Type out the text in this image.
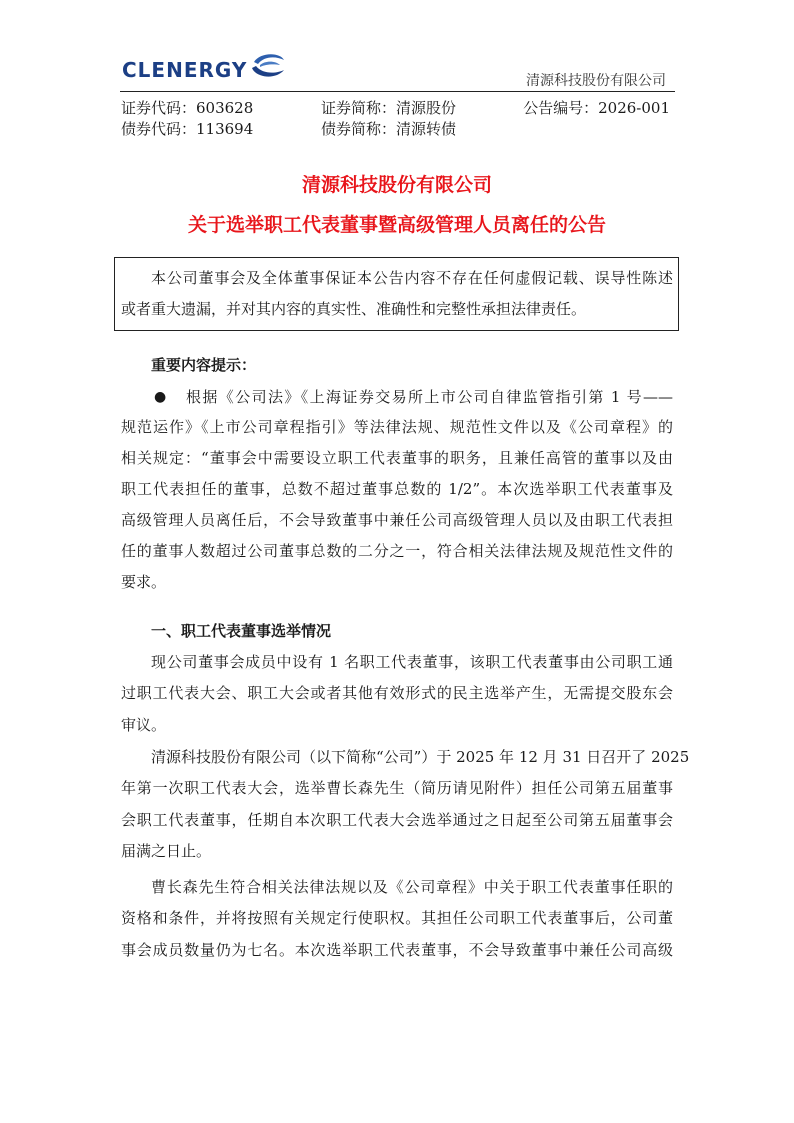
CLENERGY	清源科技股份有限公司
证券代码：603628	证券简称：清源股份	公告编号：2026-001
债券代码：113694	债券简称：清源转债
清源科技股份有限公司
关于选举职工代表董事暨高级管理人员离任的公告
本公司董事会及全体董事保证本公告内容不存在任何虚假记载、误导性陈述
或者重大遗漏，并对其内容的真实性、准确性和完整性承担法律责任。
重要内容提示：
● 根据《公司法》《上海证券交易所上市公司自律监管指引第 1 号——
规范运作》《上市公司章程指引》等法律法规、规范性文件以及《公司章程》的
相关规定：“董事会中需要设立职工代表董事的职务，且兼任高管的董事以及由
职工代表担任的董事，总数不超过董事总数的 1/2”。本次选举职工代表董事及
高级管理人员离任后，不会导致董事中兼任公司高级管理人员以及由职工代表担
任的董事人数超过公司董事总数的二分之一，符合相关法律法规及规范性文件的
要求。
一、职工代表董事选举情况
现公司董事会成员中设有 1 名职工代表董事，该职工代表董事由公司职工通
过职工代表大会、职工大会或者其他有效形式的民主选举产生，无需提交股东会
审议。
清源科技股份有限公司（以下简称“公司”）于 2025 年 12 月 31 日召开了 2025
年第一次职工代表大会，选举曹长森先生（简历请见附件）担任公司第五届董事
会职工代表董事，任期自本次职工代表大会选举通过之日起至公司第五届董事会
届满之日止。
曹长森先生符合相关法律法规以及《公司章程》中关于职工代表董事任职的
资格和条件，并将按照有关规定行使职权。其担任公司职工代表董事后，公司董
事会成员数量仍为七名。本次选举职工代表董事，不会导致董事中兼任公司高级
